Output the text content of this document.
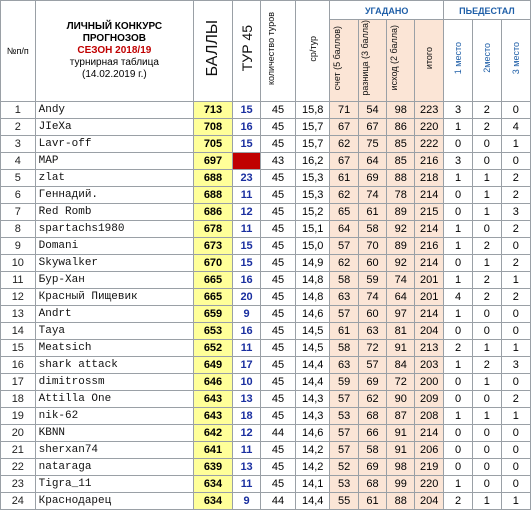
№п/п	ЛИЧНЫЙ КОНКУРС
ПРОГНОЗОВ
СЕЗОН 2018/19
турнирная таблица
(14.02.2019 г.)	БАЛЛЫ	ТУР 45	количество туров	ср/тур	УГАДАНО				ПЬЕДЕСТАЛ		
						счет (5 баллов)	разница (3 балла)	исход (2 балла)	итого	1 место	2место	3 место
1	Andy	713	15	45	15,8	71	54	98	223	3	2	0
2	JIeXa	708	16	45	15,7	67	67	86	220	1	2	4
3	Lavr-off	705	15	45	15,7	62	75	85	222	0	0	1
4	MAP	697		43	16,2	67	64	85	216	3	0	0
5	zlat	688	23	45	15,3	61	69	88	218	1	1	2
6	Геннадий.	688	11	45	15,3	62	74	78	214	0	1	2
7	Red Romb	686	12	45	15,2	65	61	89	215	0	1	3
8	spartachs1980	678	11	45	15,1	64	58	92	214	1	0	2
9	Domani	673	15	45	15,0	57	70	89	216	1	2	0
10	Skywalker	670	15	45	14,9	62	60	92	214	0	1	2
11	Бур-Хан	665	16	45	14,8	58	59	74	201	1	2	1
12	Красный Пищевик	665	20	45	14,8	63	74	64	201	4	2	2
13	Andrt	659	9	45	14,6	57	60	97	214	1	0	0
14	Taya	653	16	45	14,5	61	63	81	204	0	0	0
15	Meatsich	652	11	45	14,5	58	72	91	213	2	1	1
16	shark attack	649	17	45	14,4	63	57	84	203	1	2	3
17	dimitrossm	646	10	45	14,4	59	69	72	200	0	1	0
18	Attilla One	643	13	45	14,3	57	62	90	209	0	0	2
19	nik-62	643	18	45	14,3	53	68	87	208	1	1	1
20	KBNN	642	12	44	14,6	57	66	91	214	0	0	0
21	sherxan74	641	11	45	14,2	57	58	91	206	0	0	0
22	nataraga	639	13	45	14,2	52	69	98	219	0	0	0
23	Tigra_11	634	11	45	14,1	53	68	99	220	1	0	0
24	Краснодарец	634	9	44	14,4	55	61	88	204	2	1	1
